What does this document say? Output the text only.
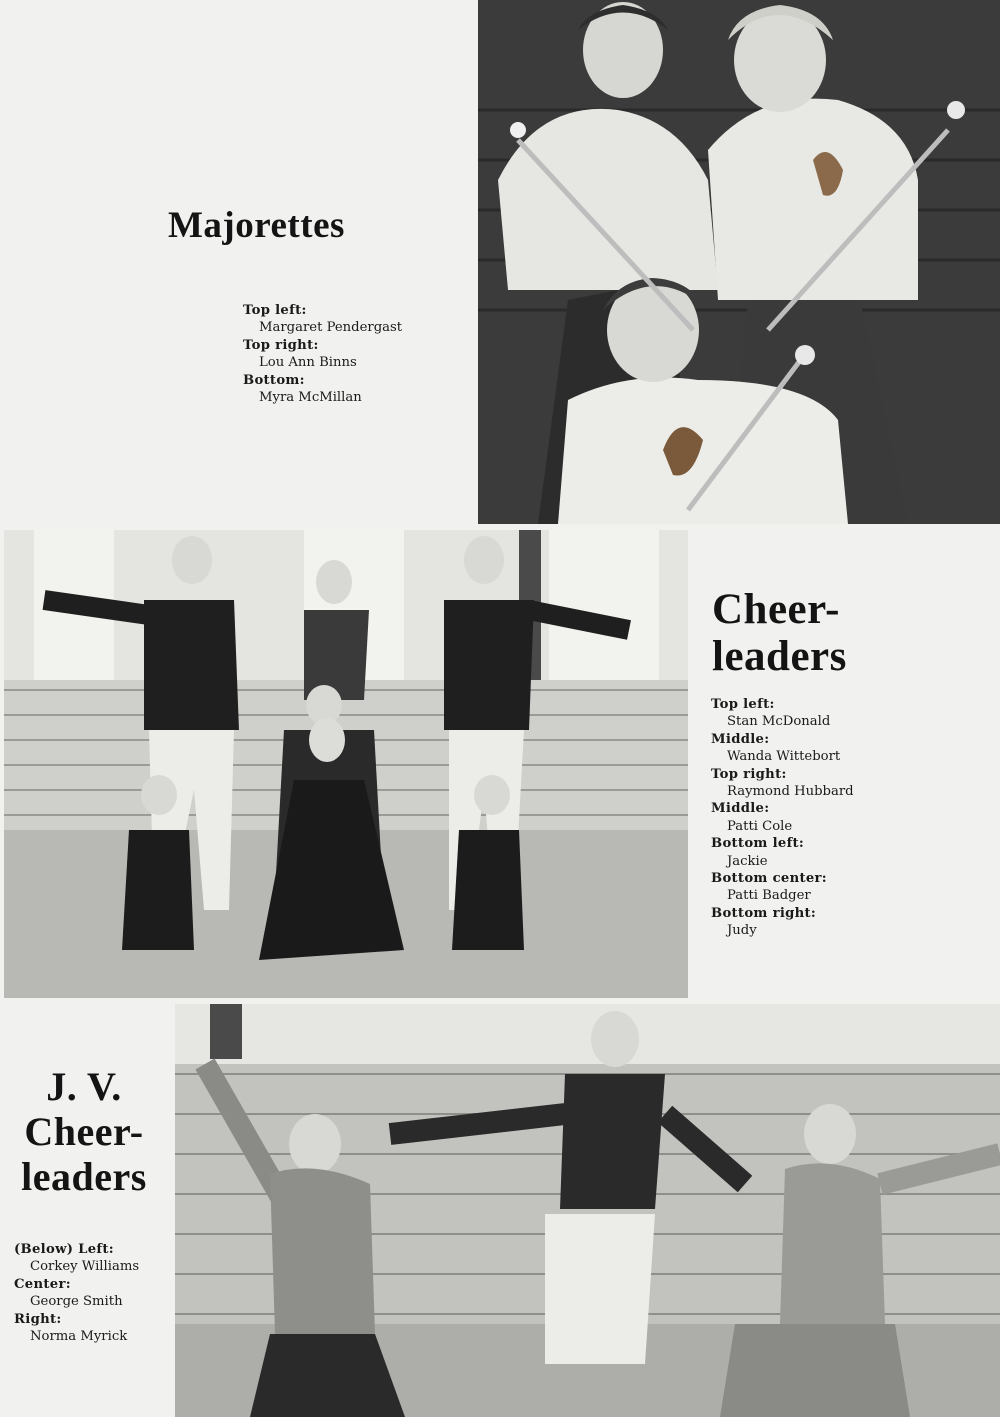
Majorettes
Top left:
Margaret Pendergast
Top right:
Lou Ann Binns
Bottom:
Myra McMillan
Cheer-
leaders
Top left:
Stan McDonald
Middle:
Wanda Wittebort
Top right:
Raymond Hubbard
Middle:
Patti Cole
Bottom left:
Jackie
Bottom center:
Patti Badger
Bottom right:
Judy
J. V.
Cheer-
leaders
(Below) Left:
Corkey Williams
Center:
George Smith
Right:
Norma Myrick
